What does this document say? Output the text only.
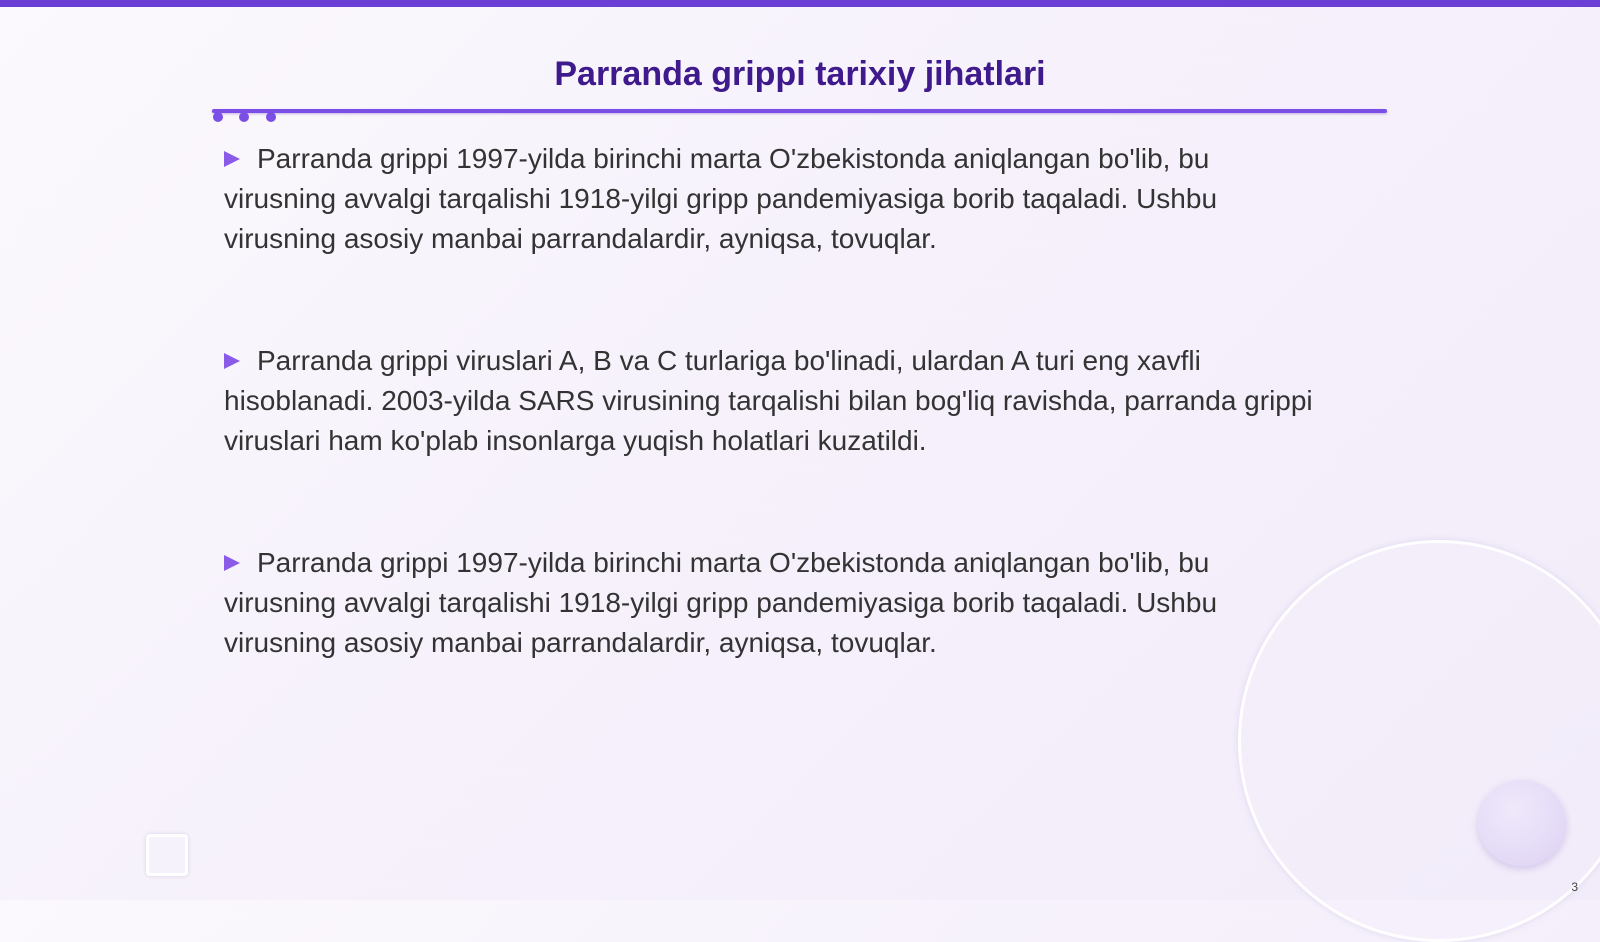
Parranda grippi tarixiy jihatlari
Parranda grippi 1997-yilda birinchi marta O'zbekistonda aniqlangan bo'lib, bu virusning avvalgi tarqalishi 1918-yilgi gripp pandemiyasiga borib taqaladi. Ushbu virusning asosiy manbai parrandalardir, ayniqsa, tovuqlar.
Parranda grippi viruslari A, B va C turlariga bo'linadi, ulardan A turi eng xavfli hisoblanadi. 2003-yilda SARS virusining tarqalishi bilan bog'liq ravishda, parranda grippi viruslari ham ko'plab insonlarga yuqish holatlari kuzatildi.
Parranda grippi 1997-yilda birinchi marta O'zbekistonda aniqlangan bo'lib, bu virusning avvalgi tarqalishi 1918-yilgi gripp pandemiyasiga borib taqaladi. Ushbu virusning asosiy manbai parrandalardir, ayniqsa, tovuqlar.
3
